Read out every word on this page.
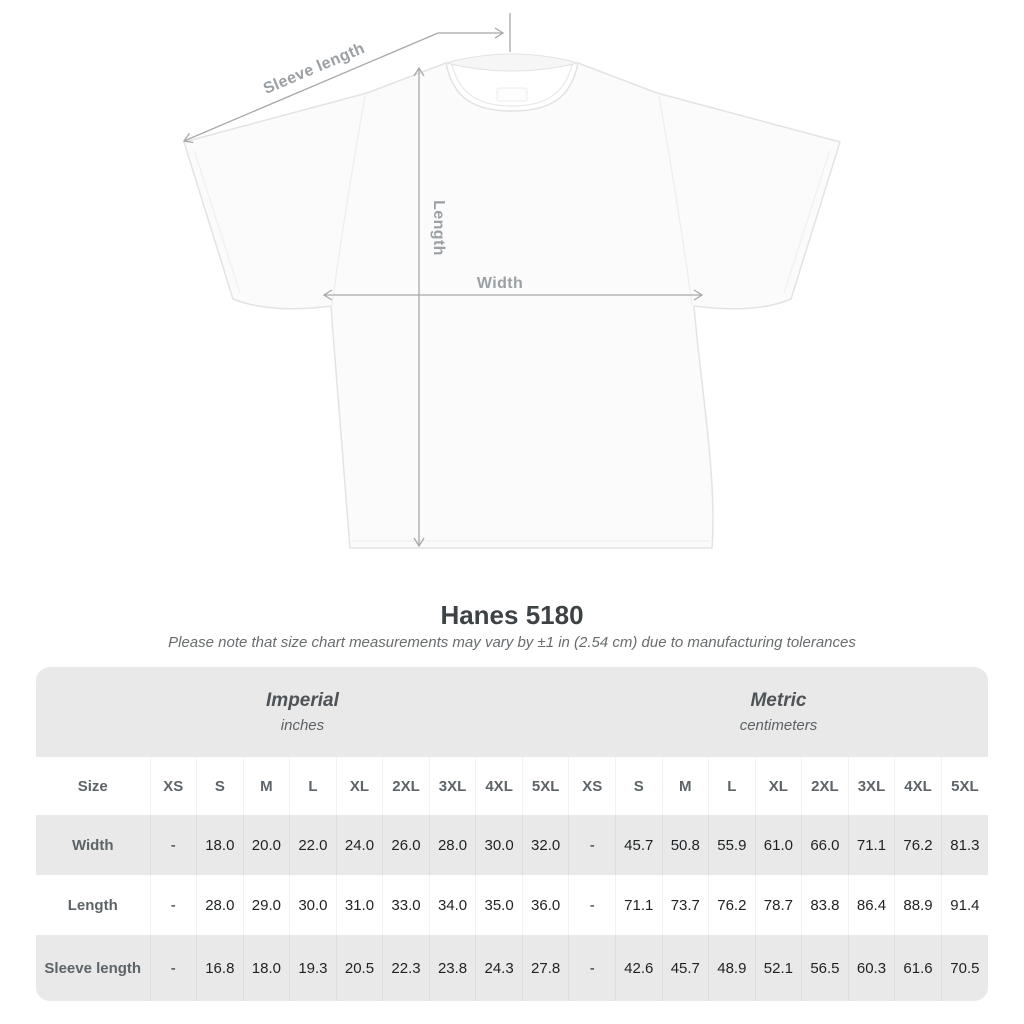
Sleeve length
Length
Width
Hanes 5180
Please note that size chart measurements may vary by ±1 in (2.54 cm) due to manufacturing tolerances
Imperial
inches

Metric
centimeters

Size	XS	S	M	L	XL	2XL	3XL	4XL	5XL	XS	S	M	L	XL	2XL	3XL	4XL	5XL
Width	-	18.0	20.0	22.0	24.0	26.0	28.0	30.0	32.0	-	45.7	50.8	55.9	61.0	66.0	71.1	76.2	81.3
Length	-	28.0	29.0	30.0	31.0	33.0	34.0	35.0	36.0	-	71.1	73.7	76.2	78.7	83.8	86.4	88.9	91.4
Sleeve length	-	16.8	18.0	19.3	20.5	22.3	23.8	24.3	27.8	-	42.6	45.7	48.9	52.1	56.5	60.3	61.6	70.5
